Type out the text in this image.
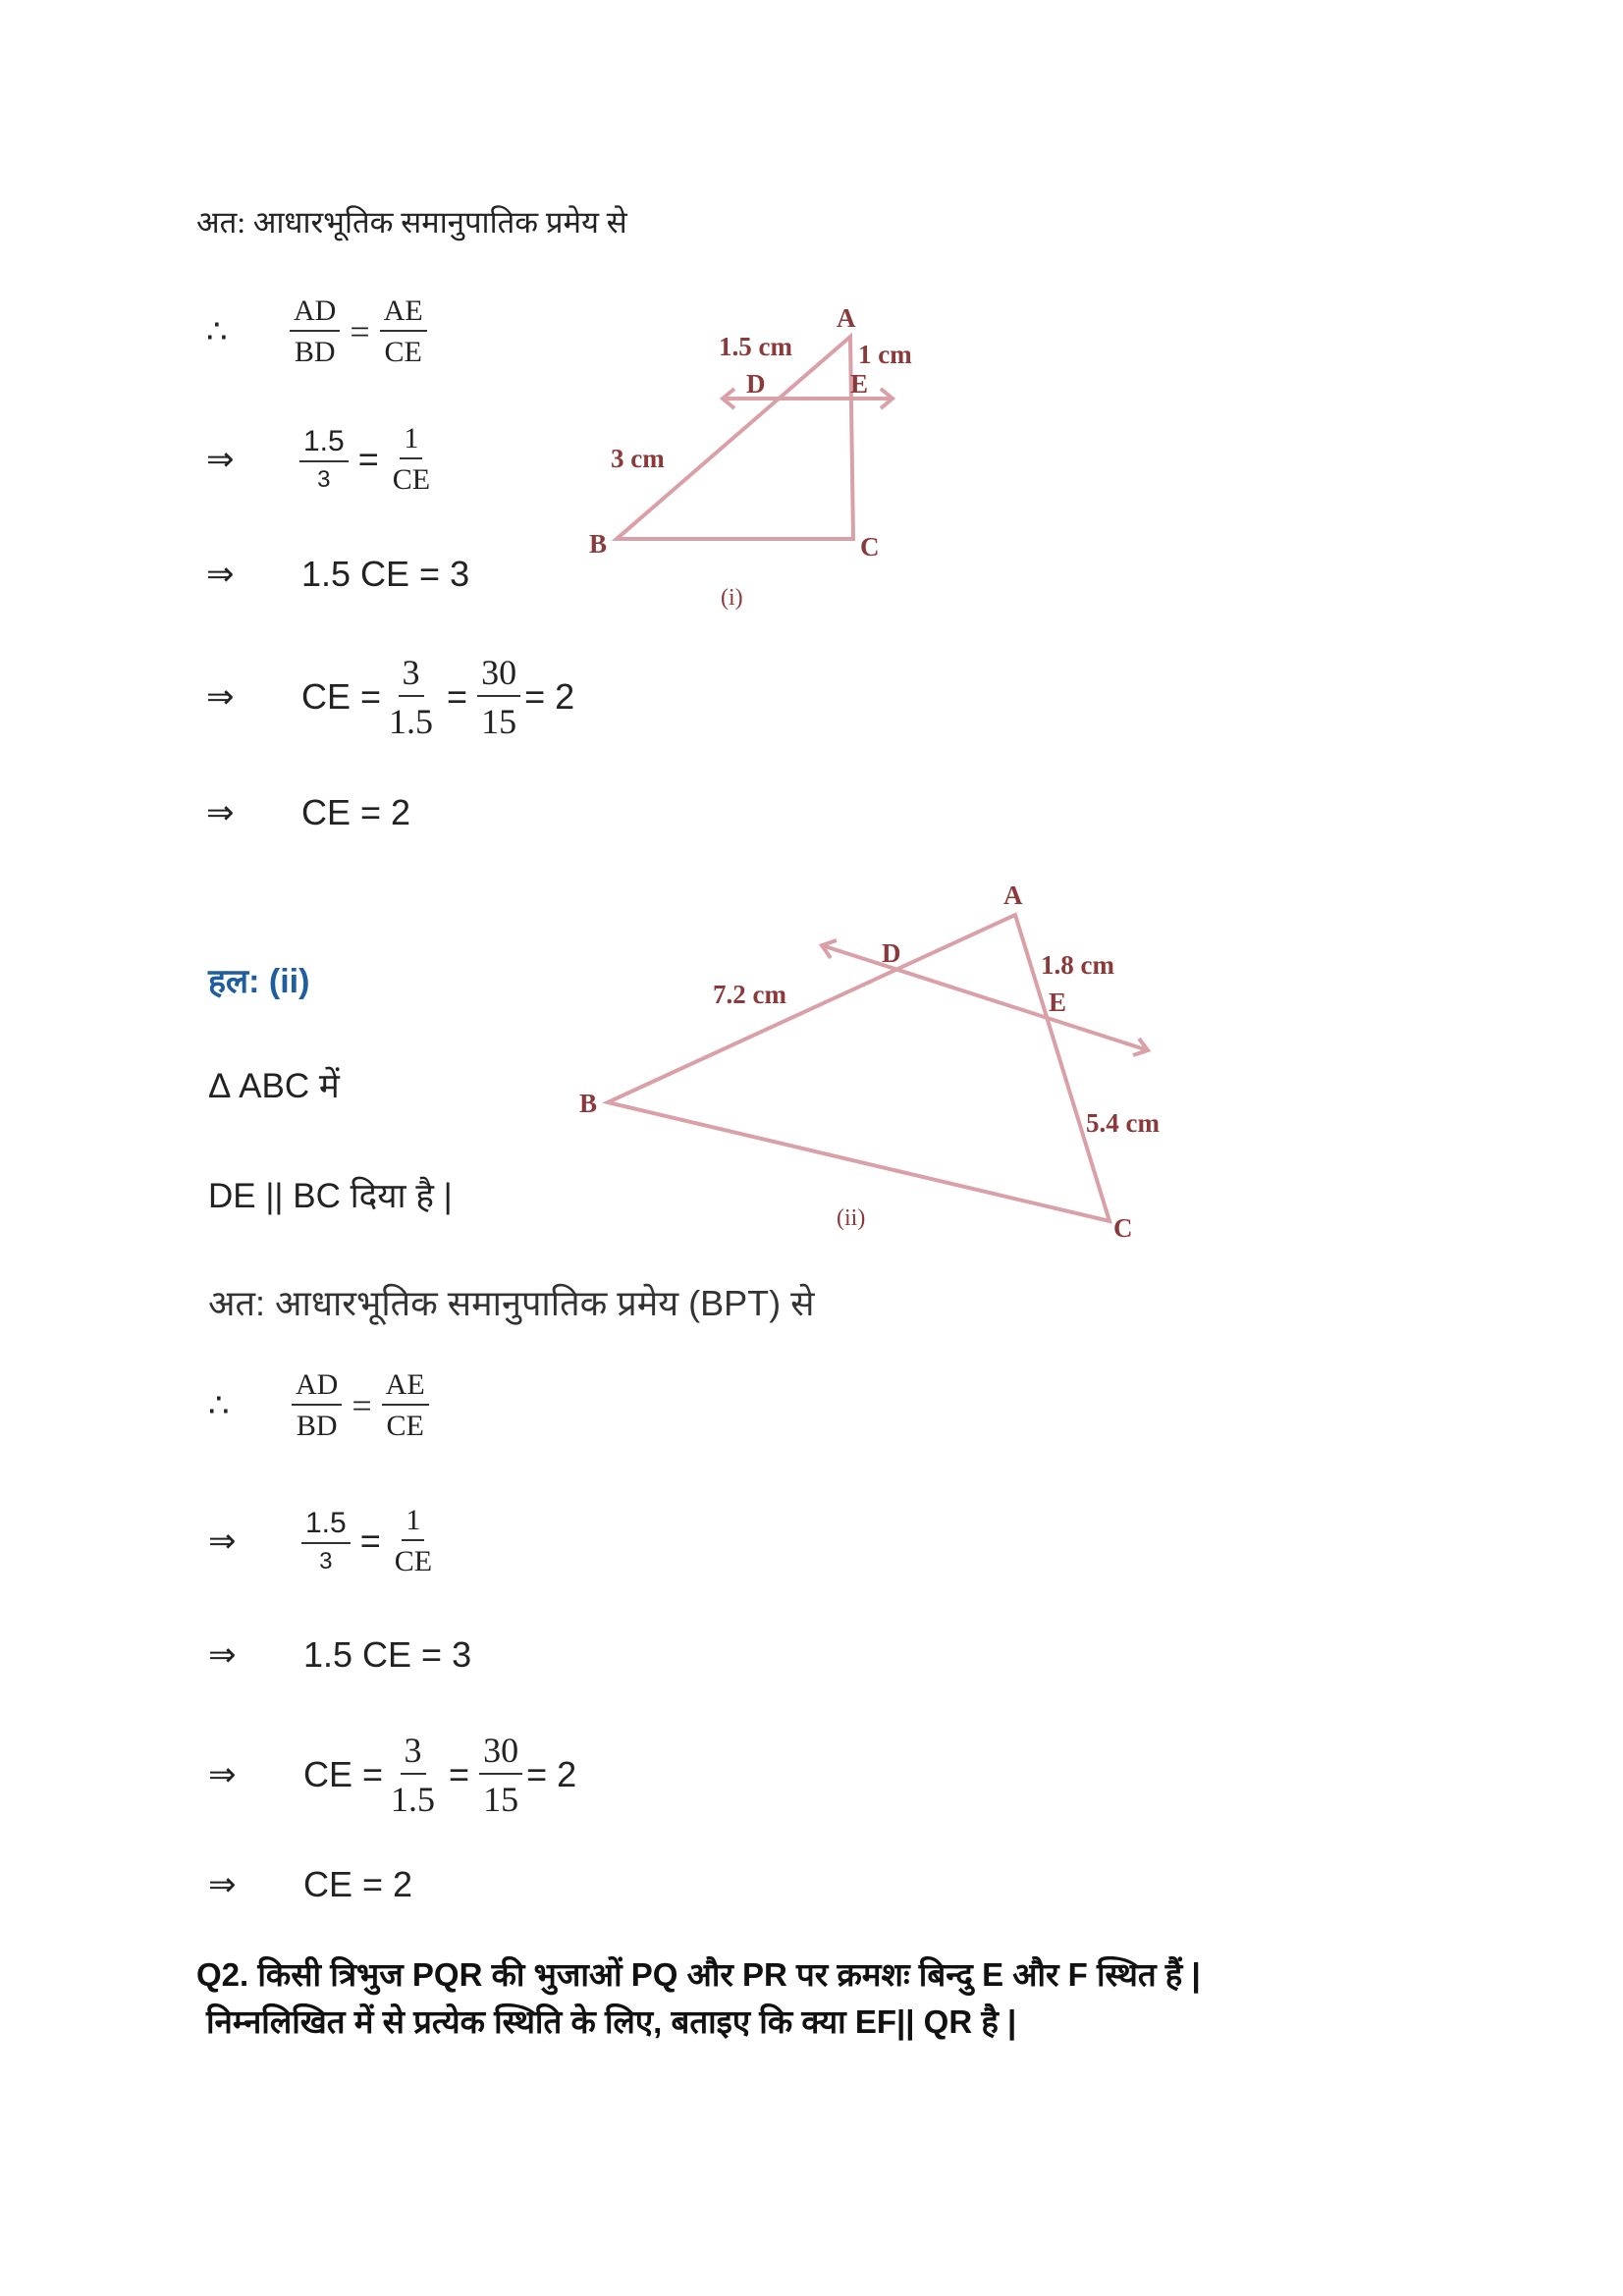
अत: आधारभूतिक समानुपातिक प्रमेय से
∴	$\frac{AD}{BD} = \frac{AE}{CE}$
⇒	$\frac{1.5}{3} = \frac{1}{CE}$
⇒	1.5 CE = 3
⇒	CE = $\frac{3}{1.5} = \frac{30}{15} = 2$
⇒	CE = 2
A
1.5 cm 1 cm
D	E
3 cm
B	C
(i)
A
D	1.8 cm
E
7.2 cm
B
5.4 cm
(ii)	C
हल: (ii)
Δ ABC में
DE || BC दिया है |
अत: आधारभूतिक समानुपातिक प्रमेय (BPT) से
∴	$\frac{AD}{BD} = \frac{AE}{CE}$
⇒	$\frac{1.5}{3} = \frac{1}{CE}$
⇒	1.5 CE = 3
⇒	CE = $\frac{3}{1.5} = \frac{30}{15} = 2$
⇒	CE = 2
Q2. किसी त्रिभुज PQR की भुजाओं PQ और PR पर क्रमशः बिन्दु E और F स्थित हैं |
निम्नलिखित में से प्रत्येक स्थिति के लिए, बताइए कि क्या EF|| QR है |
